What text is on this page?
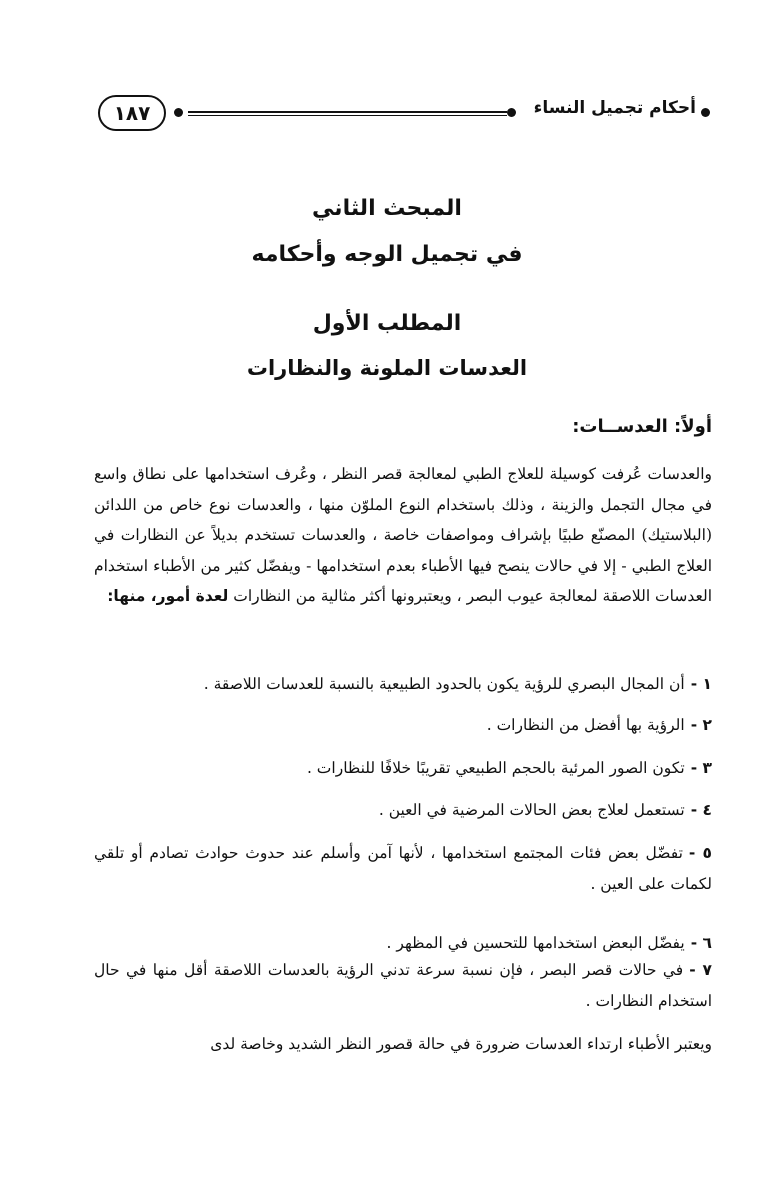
١٨٧	أحكام تجميل النساء
المبحث الثاني
في تجميل الوجه وأحكامه
المطلب الأول
العدسات الملونة والنظارات
أولاً: العدســات:
والعدسات عُرفت كوسيلة للعلاج الطبي لمعالجة قصر النظر ، وعُرف استخدامها على نطاق واسع في مجال التجمل والزينة ، وذلك باستخدام النوع الملوّن منها ، والعدسات نوع خاص من اللدائن (البلاستيك) المصنّع طبيًا بإشراف ومواصفات خاصة ، والعدسات تستخدم بديلاً عن النظارات في العلاج الطبي - إلا في حالات ينصح فيها الأطباء بعدم استخدامها - ويفضّل كثير من الأطباء استخدام العدسات اللاصقة لمعالجة عيوب البصر ، ويعتبرونها أكثر مثالية من النظارات لعدة أمور، منها:
١ -أن المجال البصري للرؤية يكون بالحدود الطبيعية بالنسبة للعدسات اللاصقة .
٢ -الرؤية بها أفضل من النظارات .
٣ -تكون الصور المرئية بالحجم الطبيعي تقريبًا خلافًا للنظارات .
٤ -تستعمل لعلاج بعض الحالات المرضية في العين .
٥ -تفضّل بعض فئات المجتمع استخدامها ، لأنها آمن وأسلم عند حدوث حوادث تصادم أو تلقي لكمات على العين .
٦ -يفضّل البعض استخدامها للتحسين في المظهر .
٧ -في حالات قصر البصر ، فإن نسبة سرعة تدني الرؤية بالعدسات اللاصقة أقل منها في حال استخدام النظارات .
ويعتبر الأطباء ارتداء العدسات ضرورة في حالة قصور النظر الشديد وخاصة لدى
